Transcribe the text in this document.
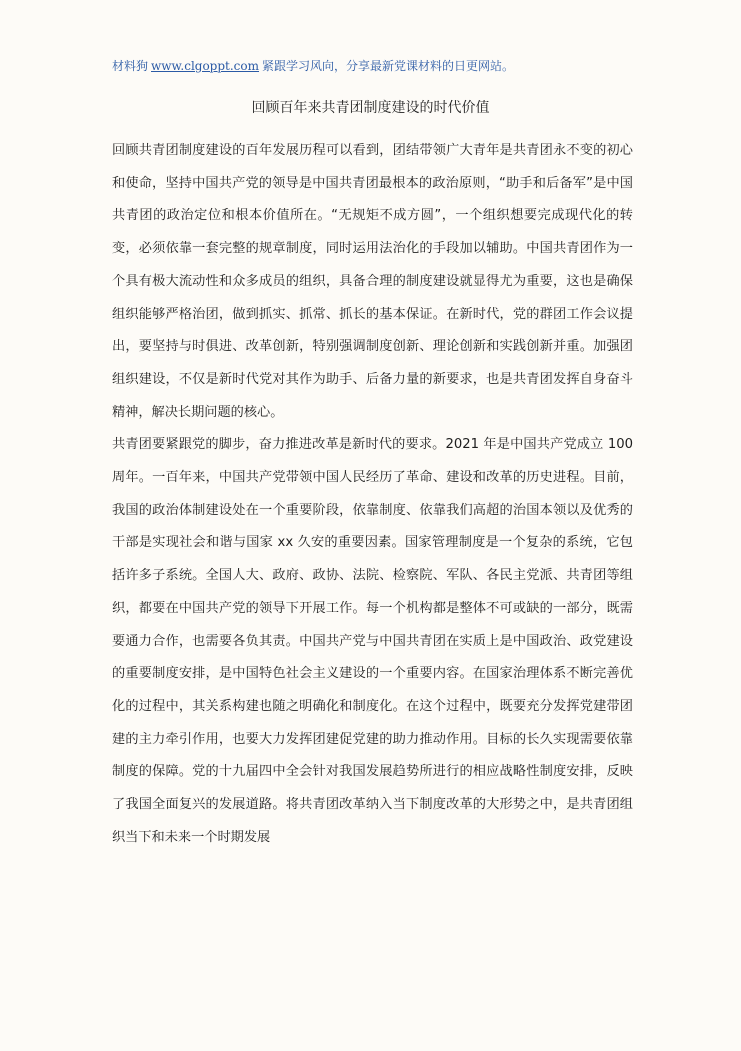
材料狗 www.clgoppt.com 紧跟学习风向，分享最新党课材料的日更网站。
回顾百年来共青团制度建设的时代价值

回顾共青团制度建设的百年发展历程可以看到，团结带领广大青年是共青团永不变的初心和使命，坚持中国共产党的领导是中国共青团最根本的政治原则，“助手和后备军”是中国共青团的政治定位和根本价值所在。“无规矩不成方圆”，一个组织想要完成现代化的转变，必须依靠一套完整的规章制度，同时运用法治化的手段加以辅助。中国共青团作为一个具有极大流动性和众多成员的组织，具备合理的制度建设就显得尤为重要，这也是确保组织能够严格治团，做到抓实、抓常、抓长的基本保证。在新时代，党的群团工作会议提出，要坚持与时俱进、改革创新，特别强调制度创新、理论创新和实践创新并重。加强团组织建设，不仅是新时代党对其作为助手、后备力量的新要求，也是共青团发挥自身奋斗精神，解决长期问题的核心。

共青团要紧跟党的脚步，奋力推进改革是新时代的要求。2021 年是中国共产党成立 100 周年。一百年来，中国共产党带领中国人民经历了革命、建设和改革的历史进程。目前，我国的政治体制建设处在一个重要阶段，依靠制度、依靠我们高超的治国本领以及优秀的干部是实现社会和谐与国家 xx 久安的重要因素。国家管理制度是一个复杂的系统，它包括许多子系统。全国人大、政府、政协、法院、检察院、军队、各民主党派、共青团等组织，都要在中国共产党的领导下开展工作。每一个机构都是整体不可或缺的一部分，既需要通力合作，也需要各负其责。中国共产党与中国共青团在实质上是中国政治、政党建设的重要制度安排，是中国特色社会主义建设的一个重要内容。在国家治理体系不断完善优化的过程中，其关系构建也随之明确化和制度化。在这个过程中，既要充分发挥党建带团建的主力牵引作用，也要大力发挥团建促党建的助力推动作用。目标的长久实现需要依靠制度的保障。党的十九届四中全会针对我国发展趋势所进行的相应战略性制度安排，反映了我国全面复兴的发展道路。将共青团改革纳入当下制度改革的大形势之中，是共青团组织当下和未来一个时期发展
